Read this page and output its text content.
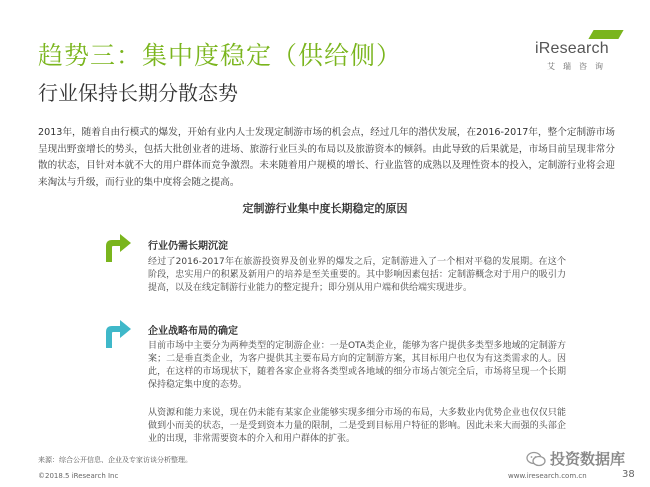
趋势三：集中度稳定（供给侧）
行业保持长期分散态势
iResearch
艾瑞咨询
2013年，随着自由行模式的爆发，开始有业内人士发现定制游市场的机会点，经过几年的潜伏发展，在2016-2017年，整个定制游市场呈现出野蛮增长的势头，包括大批创业者的进场、旅游行业巨头的布局以及旅游资本的倾斜。由此导致的后果就是，市场目前呈现非常分散的状态，目针对本就不大的用户群体而竞争激烈。未来随着用户规模的增长、行业监管的成熟以及理性资本的投入，定制游行业将会迎来淘汰与升级，而行业的集中度将会随之提高。
定制游行业集中度长期稳定的原因
行业仍需长期沉淀
经过了2016-2017年在旅游投资界及创业界的爆发之后，定制游进入了一个相对平稳的发展期。在这个阶段，忠实用户的积累及新用户的培养是至关重要的。其中影响因素包括：定制游概念对于用户的吸引力提高，以及在线定制游行业能力的整定提升；即分别从用户端和供给端实现进步。
企业战略布局的确定
目前市场中主要分为两种类型的定制游企业：一是OTA类企业，能够为客户提供多类型多地域的定制游方案；二是垂直类企业，为客户提供其主要布局方向的定制游方案，其目标用户也仅为有这类需求的人。因此，在这样的市场现状下，随着各家企业将各类型或各地域的细分市场占领完全后，市场将呈现一个长期保持稳定集中度的态势。
从资源和能力来说，现在仍未能有某家企业能够实现多细分市场的布局，大多数业内优势企业也仅仅只能做到小而美的状态，一是受到资本力量的限制，二是受到目标用户特征的影响。因此未来大而强的头部企业的出现，非常需要资本的介入和用户群体的扩张。
来源：综合公开信息、企业及专家访谈分析整理。
©2018.5 iResearch Inc	www.iresearch.com.cn	38
投资数据库
